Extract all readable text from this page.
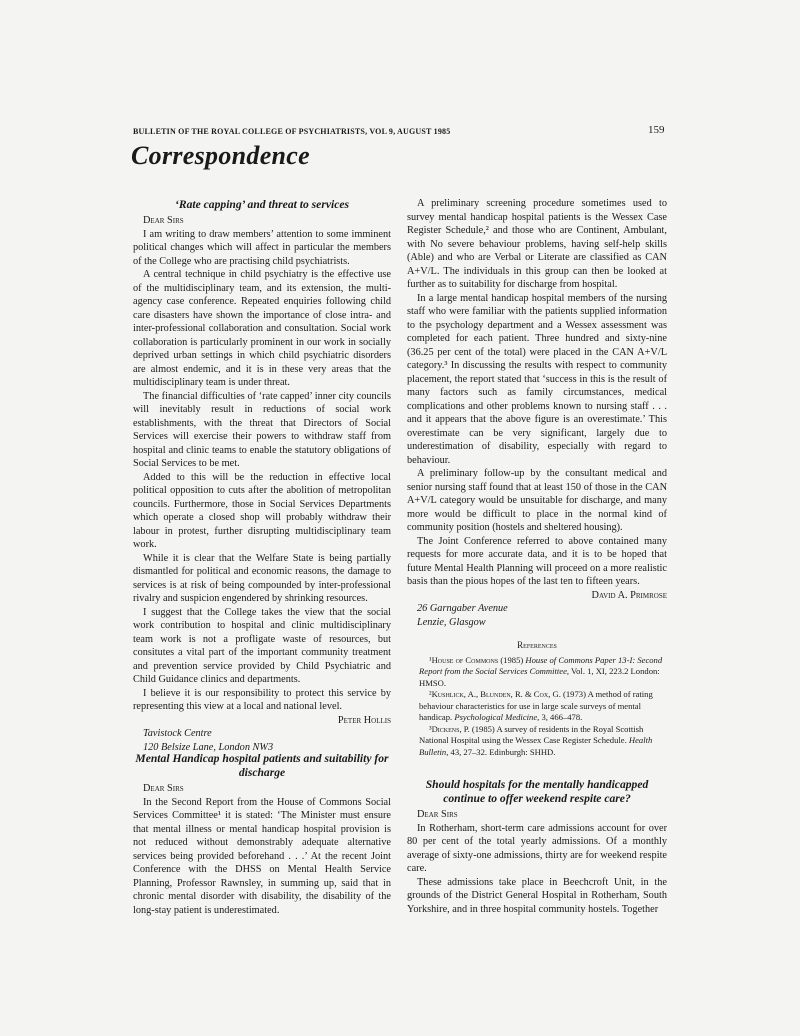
BULLETIN OF THE ROYAL COLLEGE OF PSYCHIATRISTS, VOL 9, AUGUST 1985	159
Correspondence
‘Rate capping’ and threat to services

Dear Sirs

I am writing to draw members’ attention to some imminent political changes which will affect in particular the members of the College who are practising child psychiatrists.

A central technique in child psychiatry is the effective use of the multidisciplinary team, and its extension, the multi-agency case conference. Repeated enquiries following child care disasters have shown the importance of close intra- and inter-professional collaboration and consultation. Social work collaboration is particularly prominent in our work in socially deprived urban settings in which child psychiatric disorders are almost endemic, and it is in these very areas that the multidisciplinary team is under threat.

The financial difficulties of ‘rate capped’ inner city councils will inevitably result in reductions of social work establishments, with the threat that Directors of Social Services will exercise their powers to withdraw staff from hospital and clinic teams to enable the statutory obligations of Social Services to be met.

Added to this will be the reduction in effective local political opposition to cuts after the abolition of metropolitan councils. Furthermore, those in Social Services Departments which operate a closed shop will probably withdraw their labour in protest, further disrupting multidisciplinary team work.

While it is clear that the Welfare State is being partially dismantled for political and economic reasons, the damage to services is at risk of being compounded by inter-professional rivalry and suspicion engendered by shrinking resources.

I suggest that the College takes the view that the social work contribution to hospital and clinic multidisciplinary team work is not a profligate waste of resources, but consitutes a vital part of the important community treatment and prevention service provided by Child Psychiatric and Child Guidance clinics and departments.

I believe it is our responsibility to protect this service by representing this view at a local and national level.

Peter Hollis

Tavistock Centre

120 Belsize Lane, London NW3

Mental Handicap hospital patients and suitability for discharge

Dear Sirs

In the Second Report from the House of Commons Social Services Committee¹ it is stated: ‘The Minister must ensure that mental illness or mental handicap hospital provision is not reduced without demonstrably adequate alternative services being provided beforehand . . .’ At the recent Joint Conference with the DHSS on Mental Health Service Planning, Professor Rawnsley, in summing up, said that in chronic mental disorder with disability, the disability of the long-stay patient is underestimated.

A preliminary screening procedure sometimes used to survey mental handicap hospital patients is the Wessex Case Register Schedule,² and those who are Continent, Ambulant, with No severe behaviour problems, having self-help skills (Able) and who are Verbal or Literate are classified as CAN A+V/L. The individuals in this group can then be looked at further as to suitability for discharge from hospital.

In a large mental handicap hospital members of the nursing staff who were familiar with the patients supplied information to the psychology department and a Wessex assessment was completed for each patient. Three hundred and sixty-nine (36.25 per cent of the total) were placed in the CAN A+V/L category.³ In discussing the results with respect to community placement, the report stated that ‘success in this is the result of many factors such as family circumstances, medical complications and other problems known to nursing staff . . . and it appears that the above figure is an overestimate.’ This overestimate can be very significant, largely due to underestimation of disability, especially with regard to behaviour.

A preliminary follow-up by the consultant medical and senior nursing staff found that at least 150 of those in the CAN A+V/L category would be unsuitable for discharge, and many more would be difficult to place in the normal kind of community position (hostels and sheltered housing).

The Joint Conference referred to above contained many requests for more accurate data, and it is to be hoped that future Mental Health Planning will proceed on a more realistic basis than the pious hopes of the last ten to fifteen years.

David A. Primrose

26 Garngaber Avenue

Lenzie, Glasgow

References

¹House of Commons (1985) House of Commons Paper 13-I: Second Report from the Social Services Committee, Vol. 1, XI, 223.2 London: HMSO.

²Kushlick, A., Blunden, R. & Cox, G. (1973) A method of rating behaviour characteristics for use in large scale surveys of mental handicap. Psychological Medicine, 3, 466–478.

³Dickens, P. (1985) A survey of residents in the Royal Scottish National Hospital using the Wessex Case Register Schedule. Health Bulletin, 43, 27–32. Edinburgh: SHHD.

Should hospitals for the mentally handicapped continue to offer weekend respite care?

Dear Sirs

In Rotherham, short-term care admissions account for over 80 per cent of the total yearly admissions. Of a monthly average of sixty-one admissions, thirty are for weekend respite care.

These admissions take place in Beechcroft Unit, in the grounds of the District General Hospital in Rotherham, South Yorkshire, and in three hospital community hostels. Together
